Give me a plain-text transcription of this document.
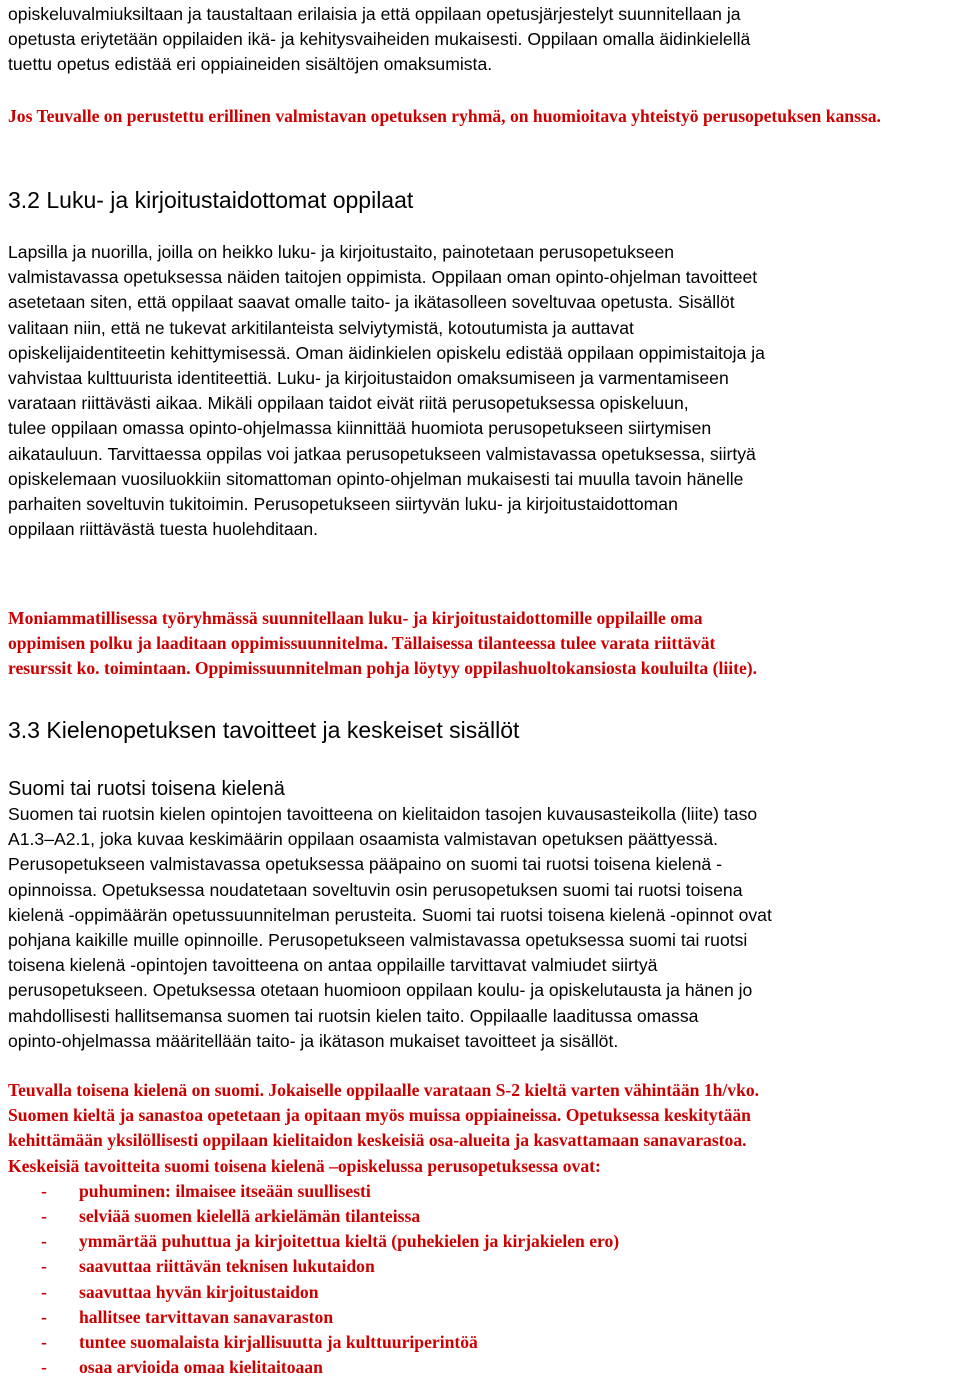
opiskeluvalmiuksiltaan ja taustaltaan erilaisia ja että oppilaan opetusjärjestelyt suunnitellaan ja
opetusta eriytetään oppilaiden ikä- ja kehitysvaiheiden mukaisesti. Oppilaan omalla äidinkielellä
tuettu opetus edistää eri oppiaineiden sisältöjen omaksumista.
Jos Teuvalle on perustettu erillinen valmistavan opetuksen ryhmä, on huomioitava yhteistyö perusopetuksen kanssa.
3.2 Luku- ja kirjoitustaidottomat oppilaat
Lapsilla ja nuorilla, joilla on heikko luku- ja kirjoitustaito, painotetaan perusopetukseen
valmistavassa opetuksessa näiden taitojen oppimista. Oppilaan oman opinto-ohjelman tavoitteet
asetetaan siten, että oppilaat saavat omalle taito- ja ikätasolleen soveltuvaa opetusta. Sisällöt
valitaan niin, että ne tukevat arkitilanteista selviytymistä, kotoutumista ja auttavat
opiskelijaidentiteetin kehittymisessä. Oman äidinkielen opiskelu edistää oppilaan oppimistaitoja ja
vahvistaa kulttuurista identiteettiä. Luku- ja kirjoitustaidon omaksumiseen ja varmentamiseen
varataan riittävästi aikaa. Mikäli oppilaan taidot eivät riitä perusopetuksessa opiskeluun,
tulee oppilaan omassa opinto-ohjelmassa kiinnittää huomiota perusopetukseen siirtymisen
aikatauluun. Tarvittaessa oppilas voi jatkaa perusopetukseen valmistavassa opetuksessa, siirtyä
opiskelemaan vuosiluokkiin sitomattoman opinto-ohjelman mukaisesti tai muulla tavoin hänelle
parhaiten soveltuvin tukitoimin. Perusopetukseen siirtyvän luku- ja kirjoitustaidottoman
oppilaan riittävästä tuesta huolehditaan.
Moniammatillisessa työryhmässä suunnitellaan luku- ja kirjoitustaidottomille oppilaille oma
oppimisen polku ja laaditaan oppimissuunnitelma. Tällaisessa tilanteessa tulee varata riittävät
resurssit ko. toimintaan. Oppimissuunnitelman pohja löytyy oppilashuoltokansiosta kouluilta (liite).
3.3 Kielenopetuksen tavoitteet ja keskeiset sisällöt
Suomi tai ruotsi toisena kielenä
Suomen tai ruotsin kielen opintojen tavoitteena on kielitaidon tasojen kuvausasteikolla (liite) taso
A1.3–A2.1, joka kuvaa keskimäärin oppilaan osaamista valmistavan opetuksen päättyessä.
Perusopetukseen valmistavassa opetuksessa pääpaino on suomi tai ruotsi toisena kielenä -
opinnoissa. Opetuksessa noudatetaan soveltuvin osin perusopetuksen suomi tai ruotsi toisena
kielenä -oppimäärän opetussuunnitelman perusteita. Suomi tai ruotsi toisena kielenä -opinnot ovat
pohjana kaikille muille opinnoille. Perusopetukseen valmistavassa opetuksessa suomi tai ruotsi
toisena kielenä -opintojen tavoitteena on antaa oppilaille tarvittavat valmiudet siirtyä
perusopetukseen. Opetuksessa otetaan huomioon oppilaan koulu- ja opiskelutausta ja hänen jo
mahdollisesti hallitsemansa suomen tai ruotsin kielen taito. Oppilaalle laaditussa omassa
opinto-ohjelmassa määritellään taito- ja ikätason mukaiset tavoitteet ja sisällöt.
Teuvalla toisena kielenä on suomi. Jokaiselle oppilaalle varataan S-2 kieltä varten vähintään 1h/vko.
Suomen kieltä ja sanastoa opetetaan ja opitaan myös muissa oppiaineissa. Opetuksessa keskitytään
kehittämään yksilöllisesti oppilaan kielitaidon keskeisiä osa-alueita ja kasvattamaan sanavarastoa.
Keskeisiä tavoitteita suomi toisena kielenä –opiskelussa perusopetuksessa ovat:
- puhuminen: ilmaisee itseään suullisesti
- selviää suomen kielellä arkielämän tilanteissa
- ymmärtää puhuttua ja kirjoitettua kieltä (puhekielen ja kirjakielen ero)
- saavuttaa riittävän teknisen lukutaidon
- saavuttaa hyvän kirjoitustaidon
- hallitsee tarvittavan sanavaraston
- tuntee suomalaista kirjallisuutta ja kulttuuriperintöä
- osaa arvioida omaa kielitaitoaan
